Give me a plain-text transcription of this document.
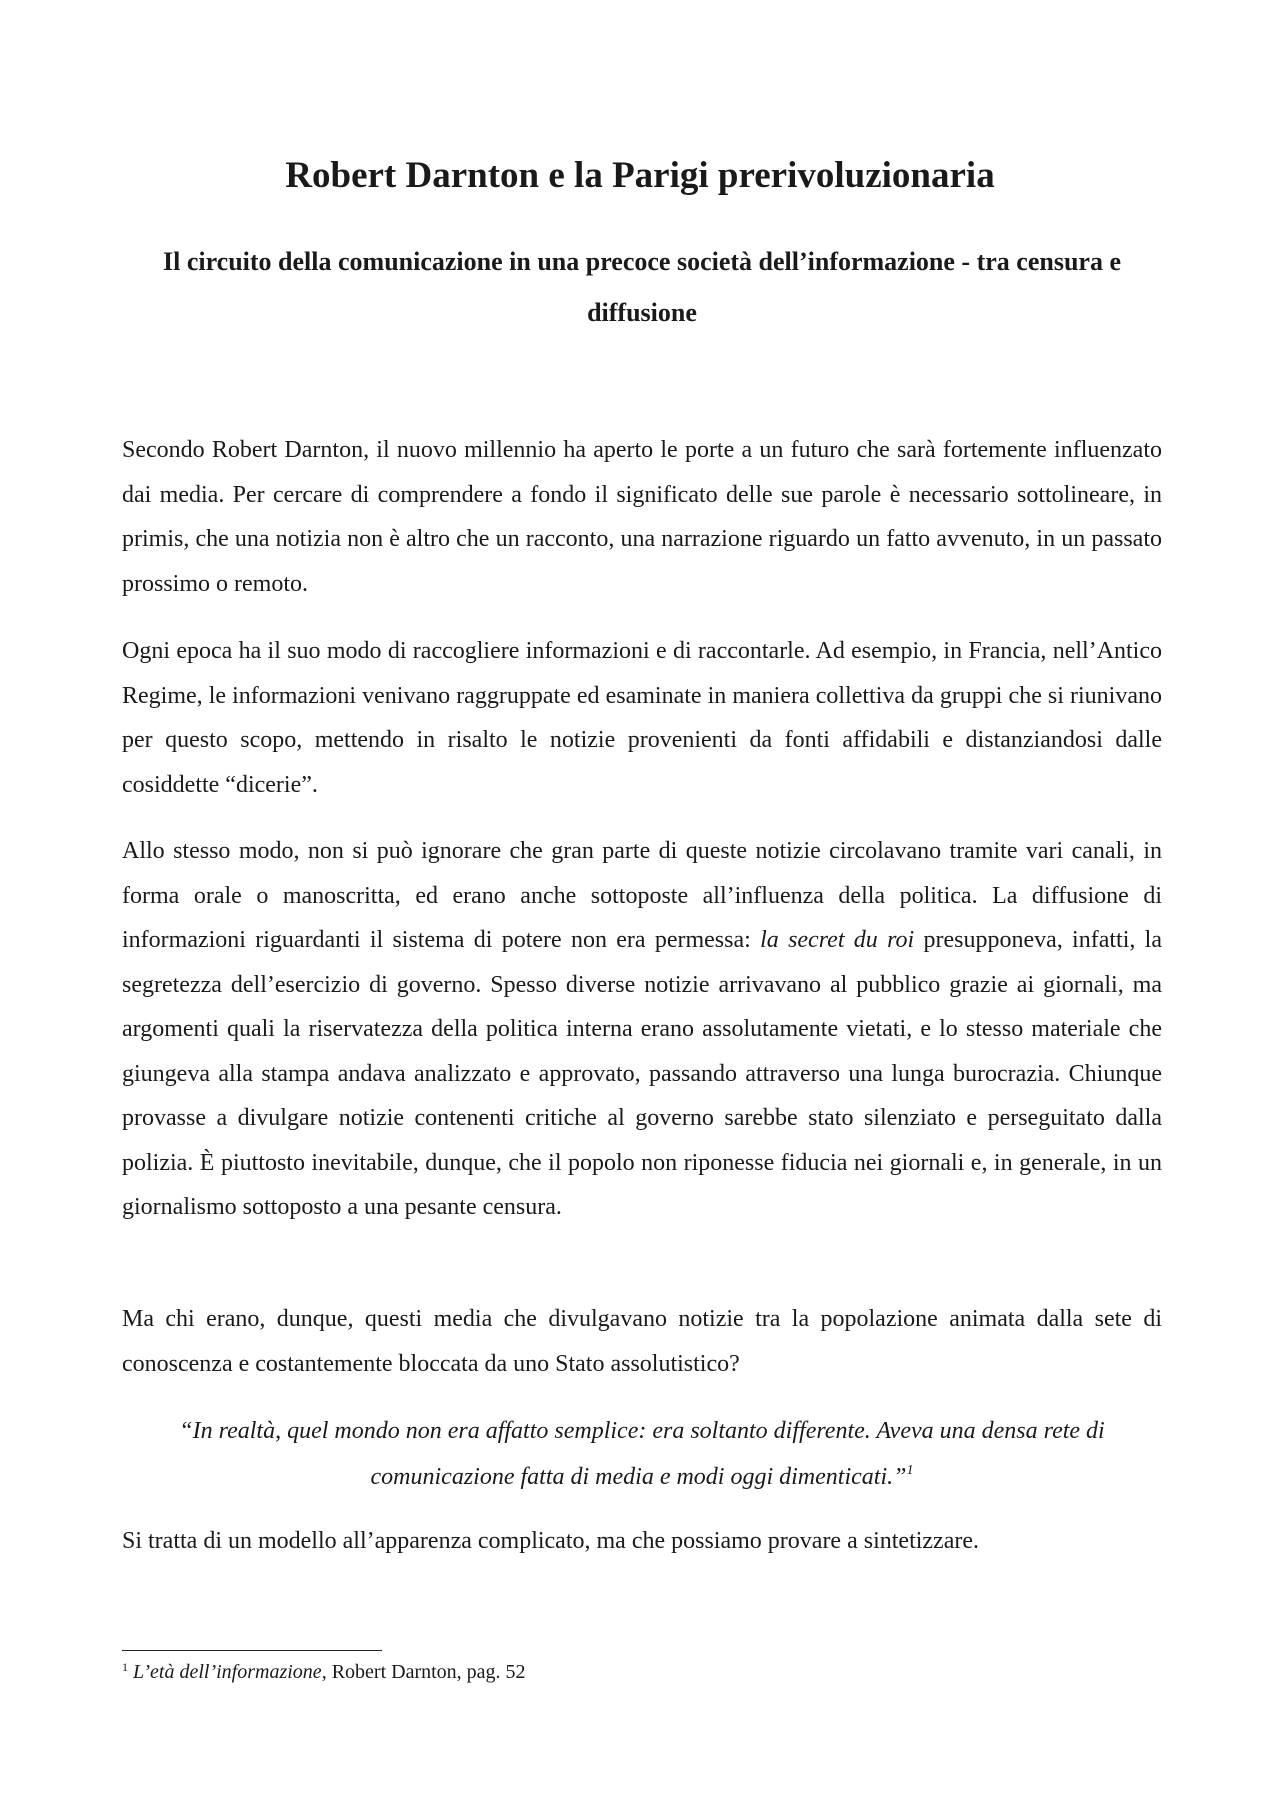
Robert Darnton e la Parigi prerivoluzionaria
Il circuito della comunicazione in una precoce società dell’informazione - tra censura e diffusione

Secondo Robert Darnton, il nuovo millennio ha aperto le porte a un futuro che sarà fortemente influenzato dai media. Per cercare di comprendere a fondo il significato delle sue parole è necessario sottolineare, in primis, che una notizia non è altro che un racconto, una narrazione riguardo un fatto avvenuto, in un passato prossimo o remoto.

Ogni epoca ha il suo modo di raccogliere informazioni e di raccontarle. Ad esempio, in Francia, nell’Antico Regime, le informazioni venivano raggruppate ed esaminate in maniera collettiva da gruppi che si riunivano per questo scopo, mettendo in risalto le notizie provenienti da fonti affidabili e distanziandosi dalle cosiddette “dicerie”.

Allo stesso modo, non si può ignorare che gran parte di queste notizie circolavano tramite vari canali, in forma orale o manoscritta, ed erano anche sottoposte all’influenza della politica. La diffusione di informazioni riguardanti il sistema di potere non era permessa: la secret du roi presupponeva, infatti, la segretezza dell’esercizio di governo. Spesso diverse notizie arrivavano al pubblico grazie ai giornali, ma argomenti quali la riservatezza della politica interna erano assolutamente vietati, e lo stesso materiale che giungeva alla stampa andava analizzato e approvato, passando attraverso una lunga burocrazia. Chiunque provasse a divulgare notizie contenenti critiche al governo sarebbe stato silenziato e perseguitato dalla polizia. È piuttosto inevitabile, dunque, che il popolo non riponesse fiducia nei giornali e, in generale, in un giornalismo sottoposto a una pesante censura.

Ma chi erano, dunque, questi media che divulgavano notizie tra la popolazione animata dalla sete di conoscenza e costantemente bloccata da uno Stato assolutistico?

“In realtà, quel mondo non era affatto semplice: era soltanto differente. Aveva una densa rete di comunicazione fatta di media e modi oggi dimenticati.”$^1$

Si tratta di un modello all’apparenza complicato, ma che possiamo provare a sintetizzare.

$^1$ L’età dell’informazione, Robert Darnton, pag. 52
